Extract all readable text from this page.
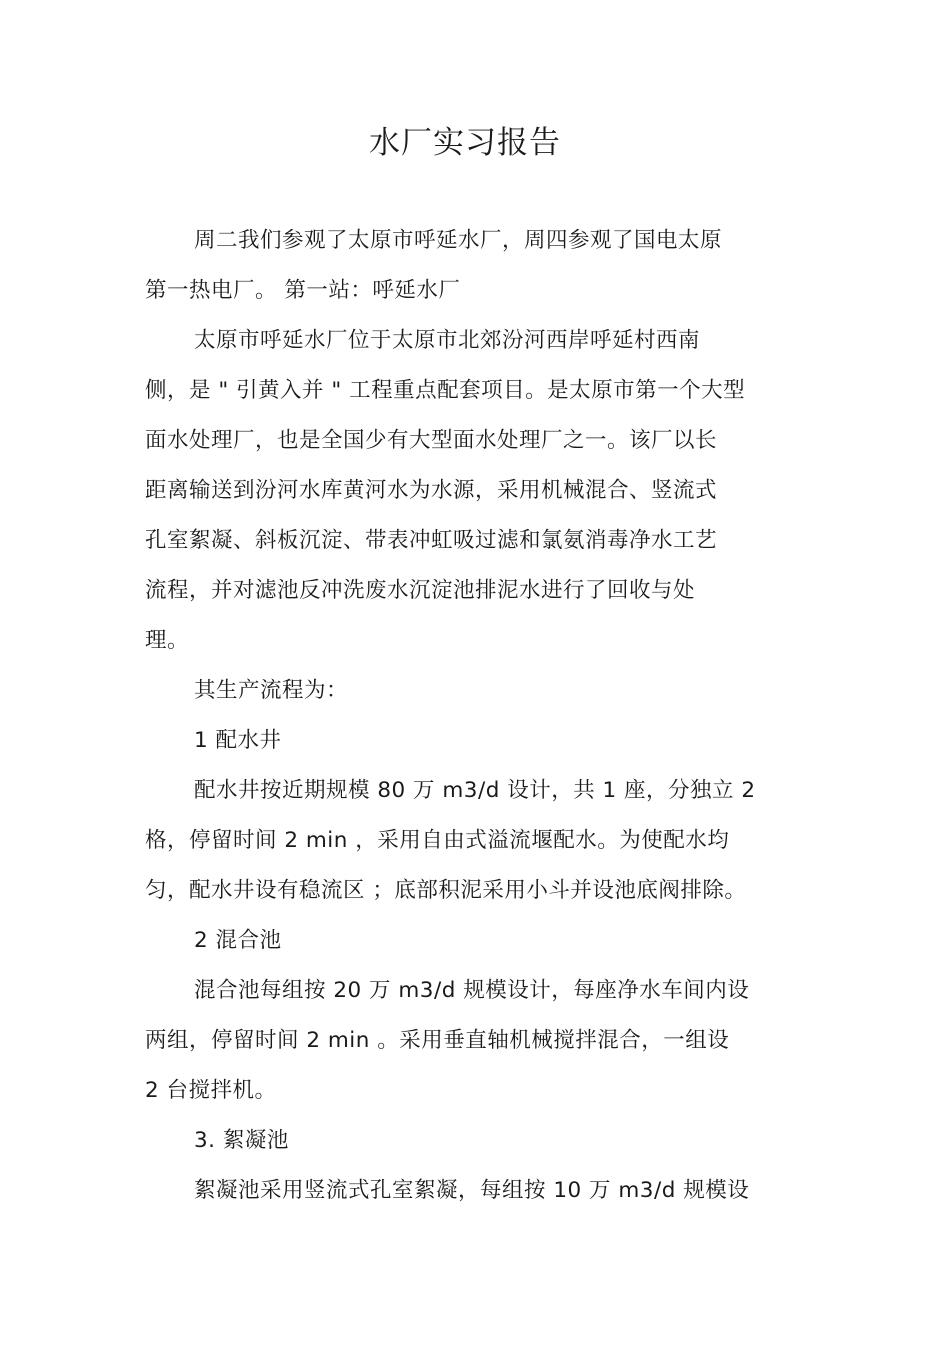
水厂实习报告
周二我们参观了太原市呼延水厂，周四参观了国电太原
第一热电厂。 第一站：呼延水厂
太原市呼延水厂位于太原市北郊汾河西岸呼延村西南
侧，是 " 引黄入并 " 工程重点配套项目。是太原市第一个大型
面水处理厂，也是全国少有大型面水处理厂之一。该厂以长
距离输送到汾河水库黄河水为水源，采用机械混合、竖流式
孔室絮凝、斜板沉淀、带表冲虹吸过滤和氯氨消毒净水工艺
流程，并对滤池反冲洗废水沉淀池排泥水进行了回收与处
理。
其生产流程为：
1 配水井
配水井按近期规模 80 万 m3/d 设计，共 1 座，分独立 2
格，停留时间 2 min ，采用自由式溢流堰配水。为使配水均
匀，配水井设有稳流区 ；底部积泥采用小斗并设池底阀排除。
2 混合池
混合池每组按 20 万 m3/d 规模设计，每座净水车间内设
两组，停留时间 2 min 。采用垂直轴机械搅拌混合，一组设
2 台搅拌机。
3. 絮凝池
絮凝池采用竖流式孔室絮凝，每组按 10 万 m3/d 规模设
